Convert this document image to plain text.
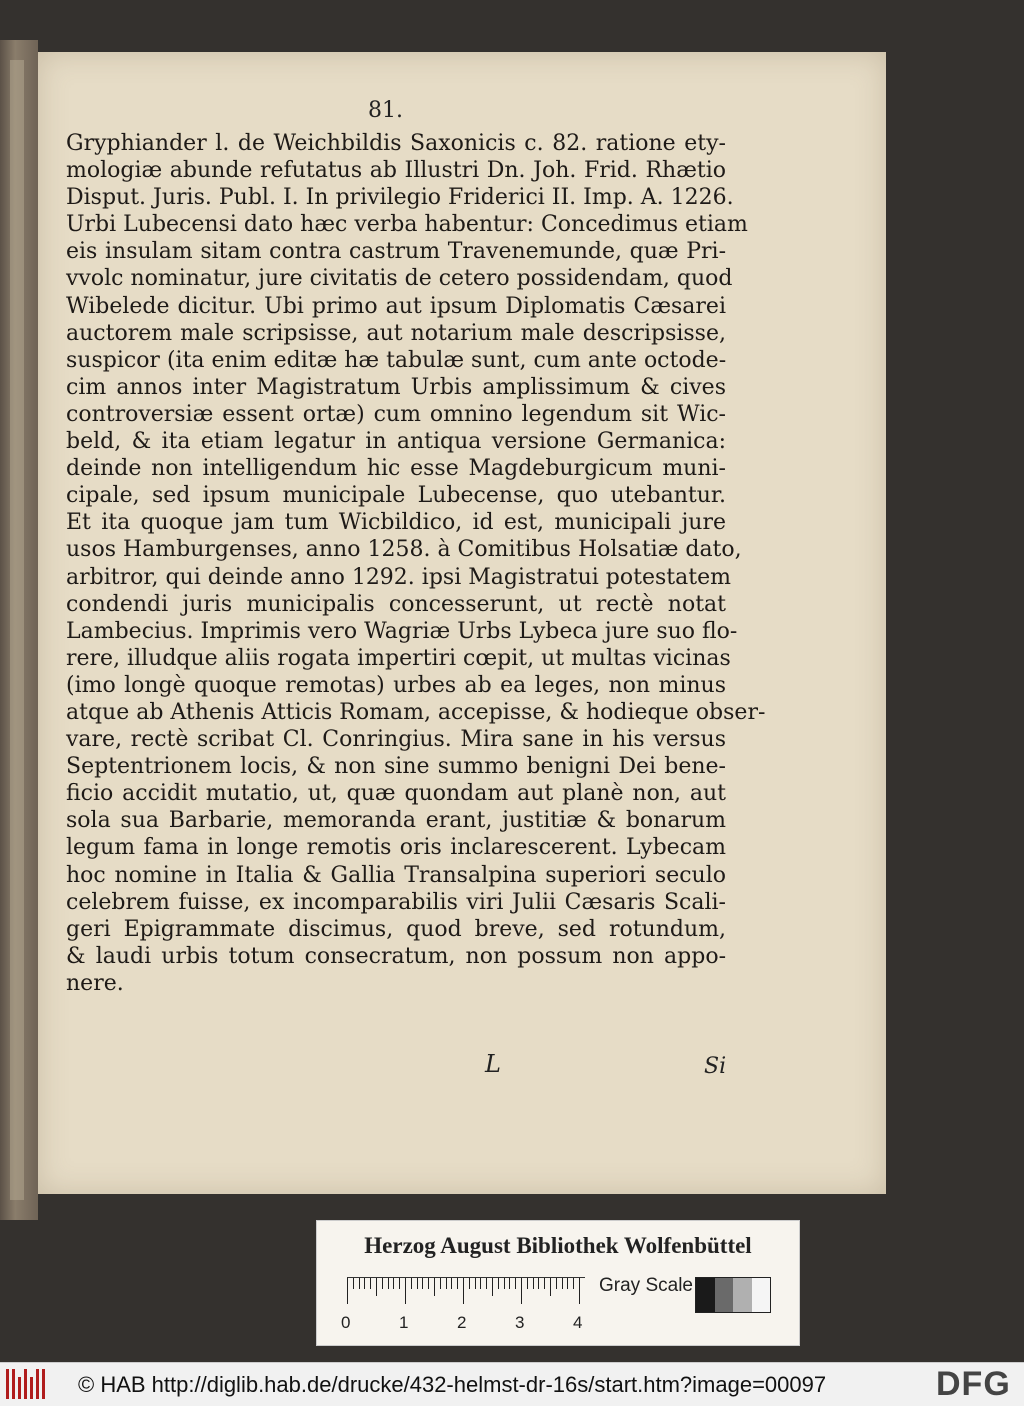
81.
Gryphiander l. de Weichbildis Saxonicis c. 82. ratione ety-
mologiæ abunde refutatus ab Illustri Dn. Joh. Frid. Rhætio
Disput. Juris. Publ. I. In privilegio Friderici II. Imp. A. 1226.
Urbi Lubecensi dato hæc verba habentur: Concedimus etiam
eis insulam sitam contra castrum Travenemunde, quæ Pri-
vvolc nominatur, jure civitatis de cetero possidendam, quod
Wibelede dicitur. Ubi primo aut ipsum Diplomatis Cæsarei
auctorem male scripsisse, aut notarium male descripsisse,
suspicor (ita enim editæ hæ tabulæ sunt, cum ante octode-
cim annos inter Magistratum Urbis amplissimum & cives
controversiæ essent ortæ) cum omnino legendum sit Wic-
beld, & ita etiam legatur in antiqua versione Germanica:
deinde non intelligendum hic esse Magdeburgicum muni-
cipale, sed ipsum municipale Lubecense, quo utebantur.
Et ita quoque jam tum Wicbildico, id est, municipali jure
usos Hamburgenses, anno 1258. à Comitibus Holsatiæ dato,
arbitror, qui deinde anno 1292. ipsi Magistratui potestatem
condendi juris municipalis concesserunt, ut rectè notat
Lambecius. Imprimis vero Wagriæ Urbs Lybeca jure suo flo-
rere, illudque aliis rogata impertiri cœpit, ut multas vicinas
(imo longè quoque remotas) urbes ab ea leges, non minus
atque ab Athenis Atticis Romam, accepisse, & hodieque obser-
vare, rectè scribat Cl. Conringius. Mira sane in his versus
Septentrionem locis, & non sine summo benigni Dei bene-
ficio accidit mutatio, ut, quæ quondam aut planè non, aut
sola sua Barbarie, memoranda erant, justitiæ & bonarum
legum fama in longe remotis oris inclarescerent. Lybecam
hoc nomine in Italia & Gallia Transalpina superiori seculo
celebrem fuisse, ex incomparabilis viri Julii Cæsaris Scali-
geri Epigrammate discimus, quod breve, sed rotundum,
& laudi urbis totum consecratum, non possum non appo-
nere.
L	Si
Herzog August Bibliothek Wolfenbüttel
0	1	2	3	4
Gray Scale
© HAB http://diglib.hab.de/drucke/432-helmst-dr-16s/start.htm?image=00097	DFG
